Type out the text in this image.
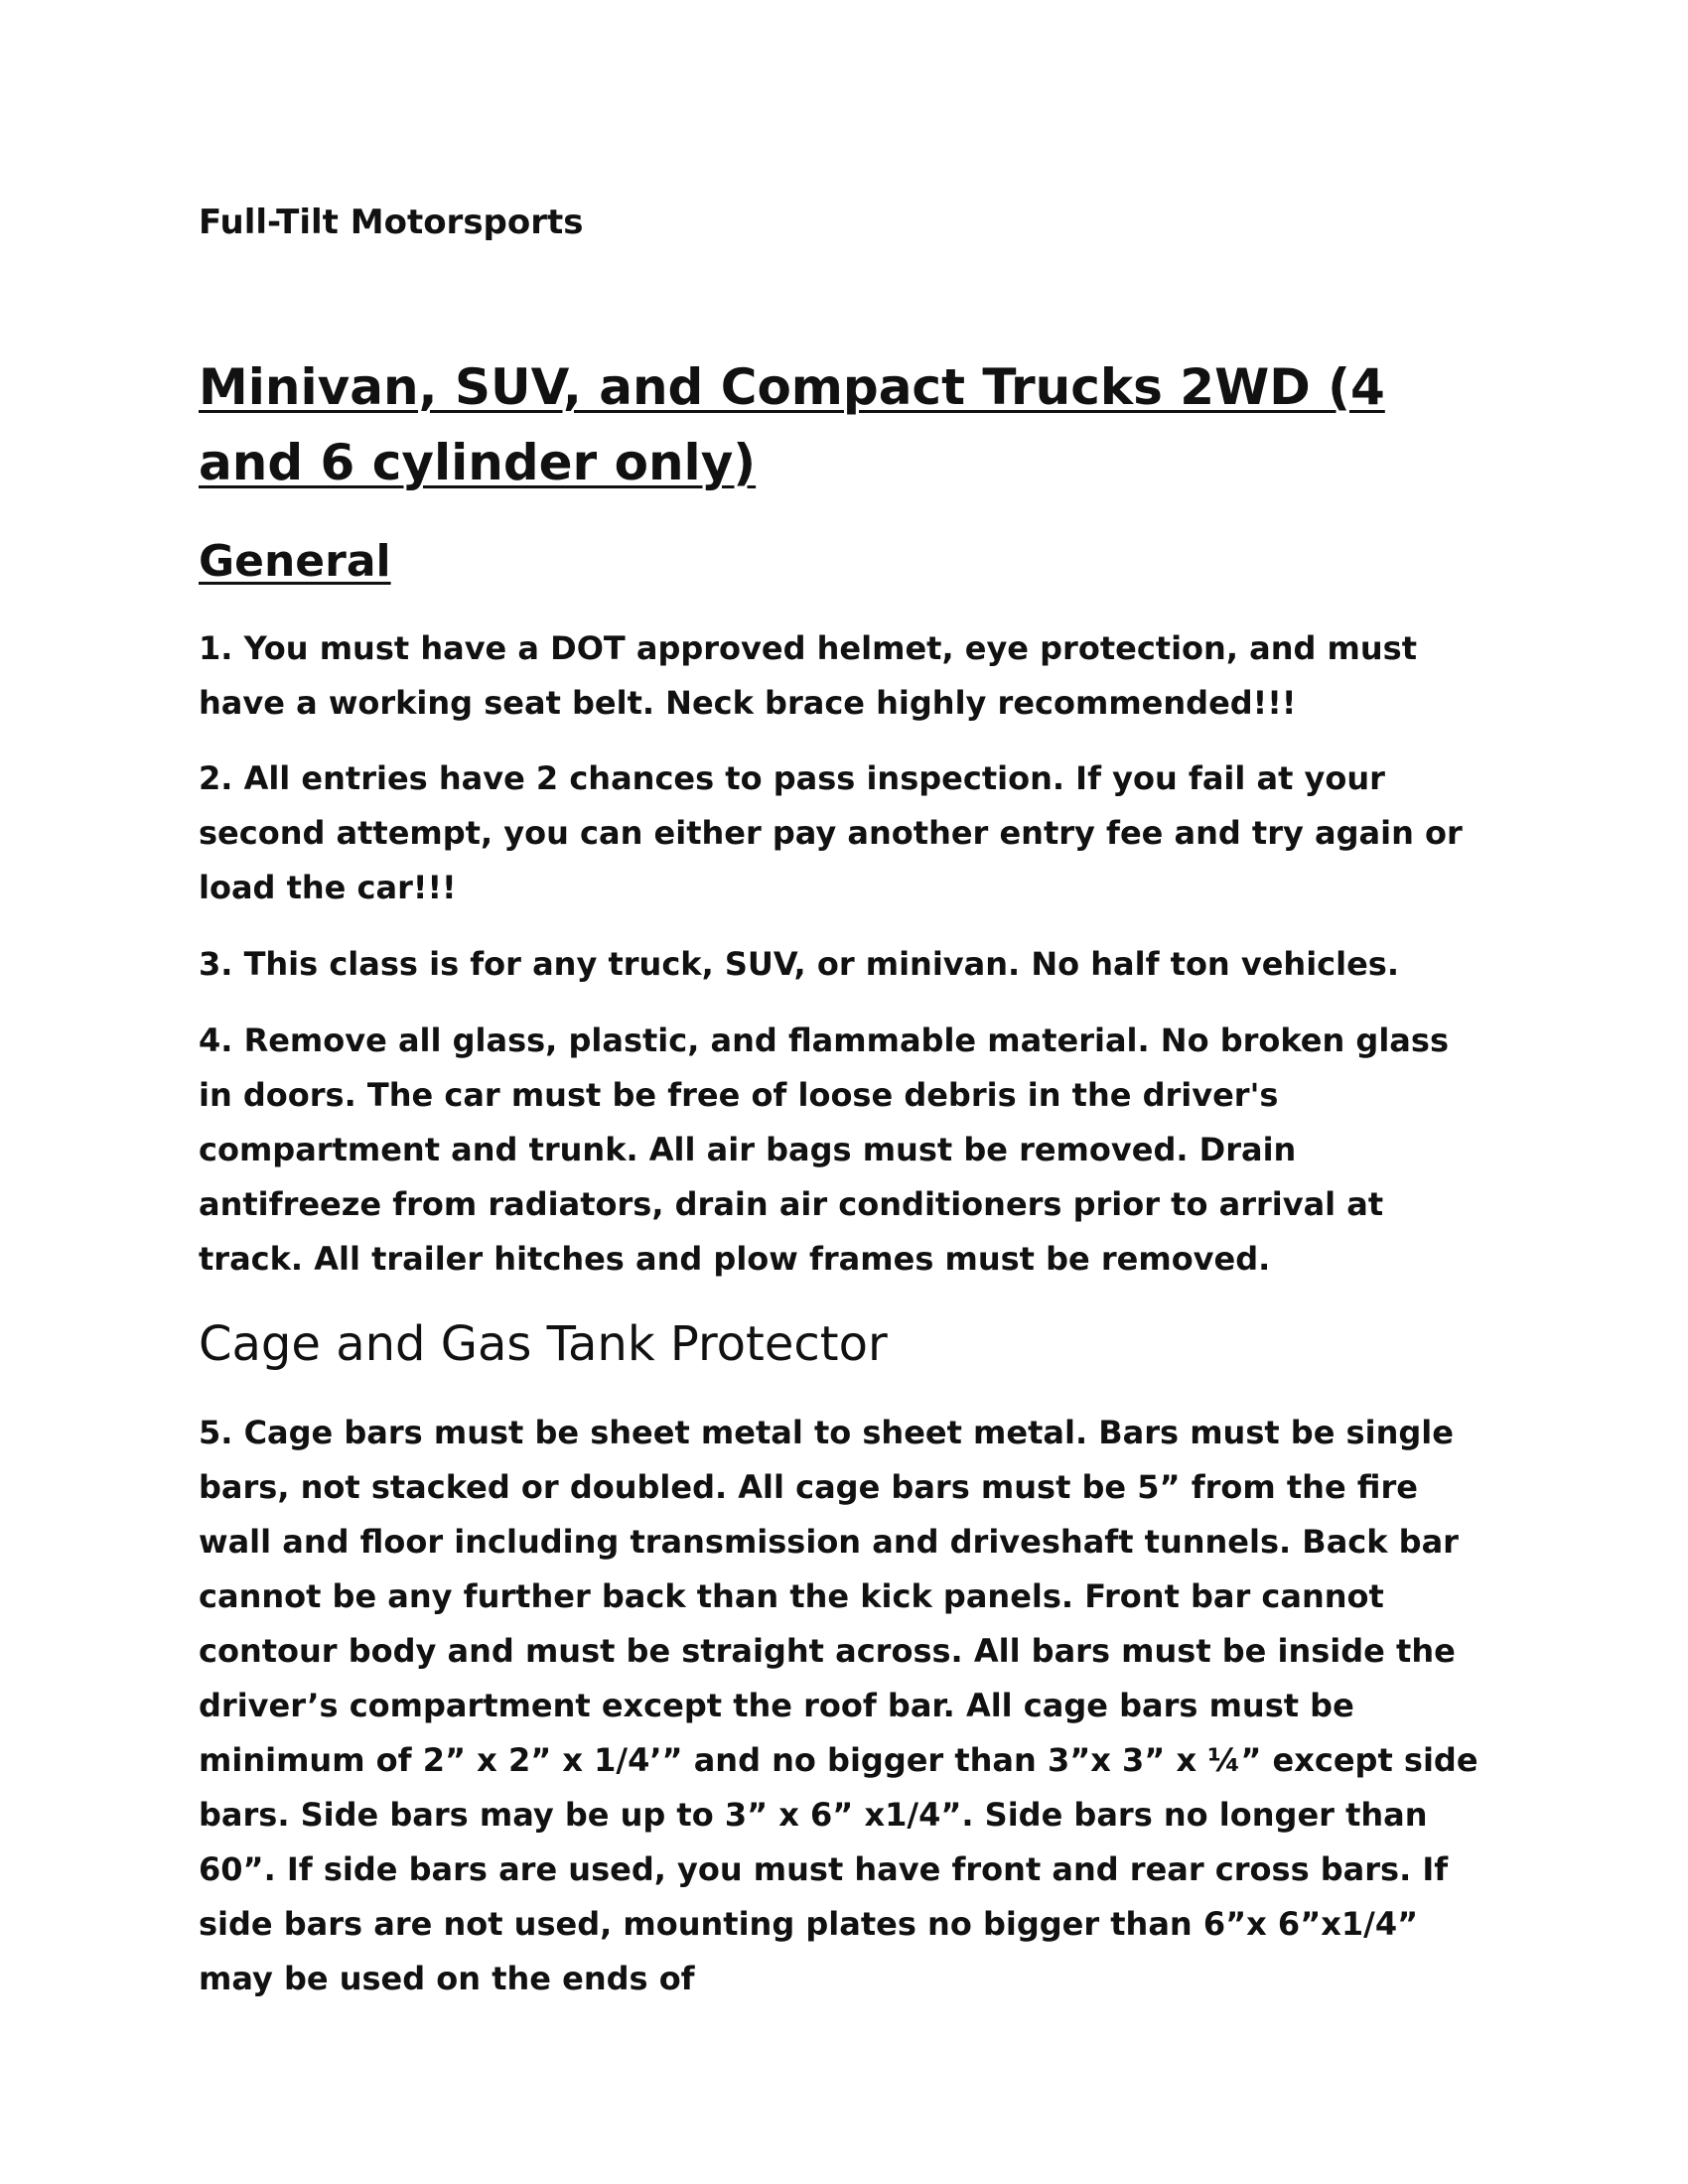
Full-Tilt Motorsports

Minivan, SUV, and Compact Trucks 2WD (4 and 6 cylinder only)
General

1. You must have a DOT approved helmet, eye protection, and must have a working seat belt. Neck brace highly recommended!!!

2. All entries have 2 chances to pass inspection. If you fail at your second attempt, you can either pay another entry fee and try again or load the car!!!

3. This class is for any truck, SUV, or minivan. No half ton vehicles.

4. Remove all glass, plastic, and flammable material. No broken glass in doors. The car must be free of loose debris in the driver's compartment and trunk. All air bags must be removed. Drain antifreeze from radiators, drain air conditioners prior to arrival at track. All trailer hitches and plow frames must be removed.

Cage and Gas Tank Protector

5. Cage bars must be sheet metal to sheet metal. Bars must be single bars, not stacked or doubled. All cage bars must be 5” from the fire wall and floor including transmission and driveshaft tunnels. Back bar cannot be any further back than the kick panels. Front bar cannot contour body and must be straight across. All bars must be inside the driver’s compartment except the roof bar. All cage bars must be minimum of 2” x 2” x 1/4’” and no bigger than 3”x 3” x ¼” except side bars. Side bars may be up to 3” x 6” x1/4”. Side bars no longer than 60”. If side bars are used, you must have front and rear cross bars. If side bars are not used, mounting plates no bigger than 6”x 6”x1/4” may be used on the ends of
